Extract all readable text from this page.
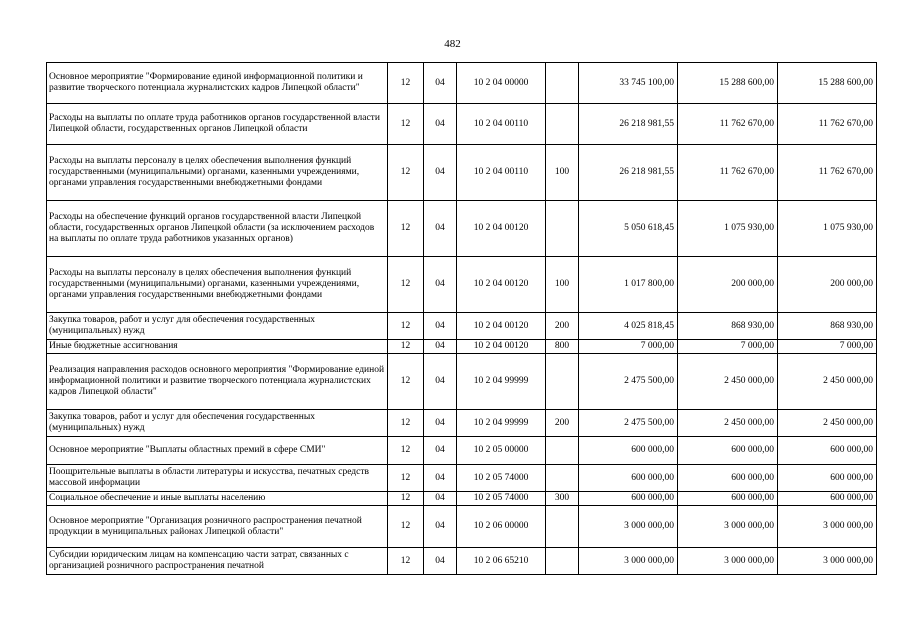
482
Основное мероприятие "Формирование единой информационной политики и развитие творческого потенциала журналистских кадров Липецкой области"	12	04	10 2 04 00000		33 745 100,00	15 288 600,00	15 288 600,00
Расходы на выплаты по оплате труда работников органов государственной власти Липецкой области, государственных органов Липецкой области	12	04	10 2 04 00110		26 218 981,55	11 762 670,00	11 762 670,00
Расходы на выплаты персоналу в целях обеспечения выполнения функций государственными (муниципальными) органами, казенными учреждениями, органами управления государственными внебюджетными фондами	12	04	10 2 04 00110	100	26 218 981,55	11 762 670,00	11 762 670,00
Расходы на обеспечение функций органов государственной власти Липецкой области, государственных органов Липецкой области (за исключением расходов на выплаты по оплате труда работников указанных органов)	12	04	10 2 04 00120		5 050 618,45	1 075 930,00	1 075 930,00
Расходы на выплаты персоналу в целях обеспечения выполнения функций государственными (муниципальными) органами, казенными учреждениями, органами управления государственными внебюджетными фондами	12	04	10 2 04 00120	100	1 017 800,00	200 000,00	200 000,00
Закупка товаров, работ и услуг для обеспечения государственных (муниципальных) нужд	12	04	10 2 04 00120	200	4 025 818,45	868 930,00	868 930,00
Иные бюджетные ассигнования	12	04	10 2 04 00120	800	7 000,00	7 000,00	7 000,00
Реализация направления расходов основного мероприятия "Формирование единой информационной политики и развитие творческого потенциала журналистских кадров Липецкой области"	12	04	10 2 04 99999		2 475 500,00	2 450 000,00	2 450 000,00
Закупка товаров, работ и услуг для обеспечения государственных (муниципальных) нужд	12	04	10 2 04 99999	200	2 475 500,00	2 450 000,00	2 450 000,00
Основное мероприятие "Выплаты областных премий в сфере СМИ"	12	04	10 2 05 00000		600 000,00	600 000,00	600 000,00
Поощрительные выплаты в области литературы и искусства, печатных средств массовой информации	12	04	10 2 05 74000		600 000,00	600 000,00	600 000,00
Социальное обеспечение и иные выплаты населению	12	04	10 2 05 74000	300	600 000,00	600 000,00	600 000,00
Основное мероприятие "Организация розничного распространения печатной продукции в муниципальных районах Липецкой области"	12	04	10 2 06 00000		3 000 000,00	3 000 000,00	3 000 000,00
Субсидии юридическим лицам на компенсацию части затрат, связанных с организацией розничного распространения печатной	12	04	10 2 06 65210		3 000 000,00	3 000 000,00	3 000 000,00
